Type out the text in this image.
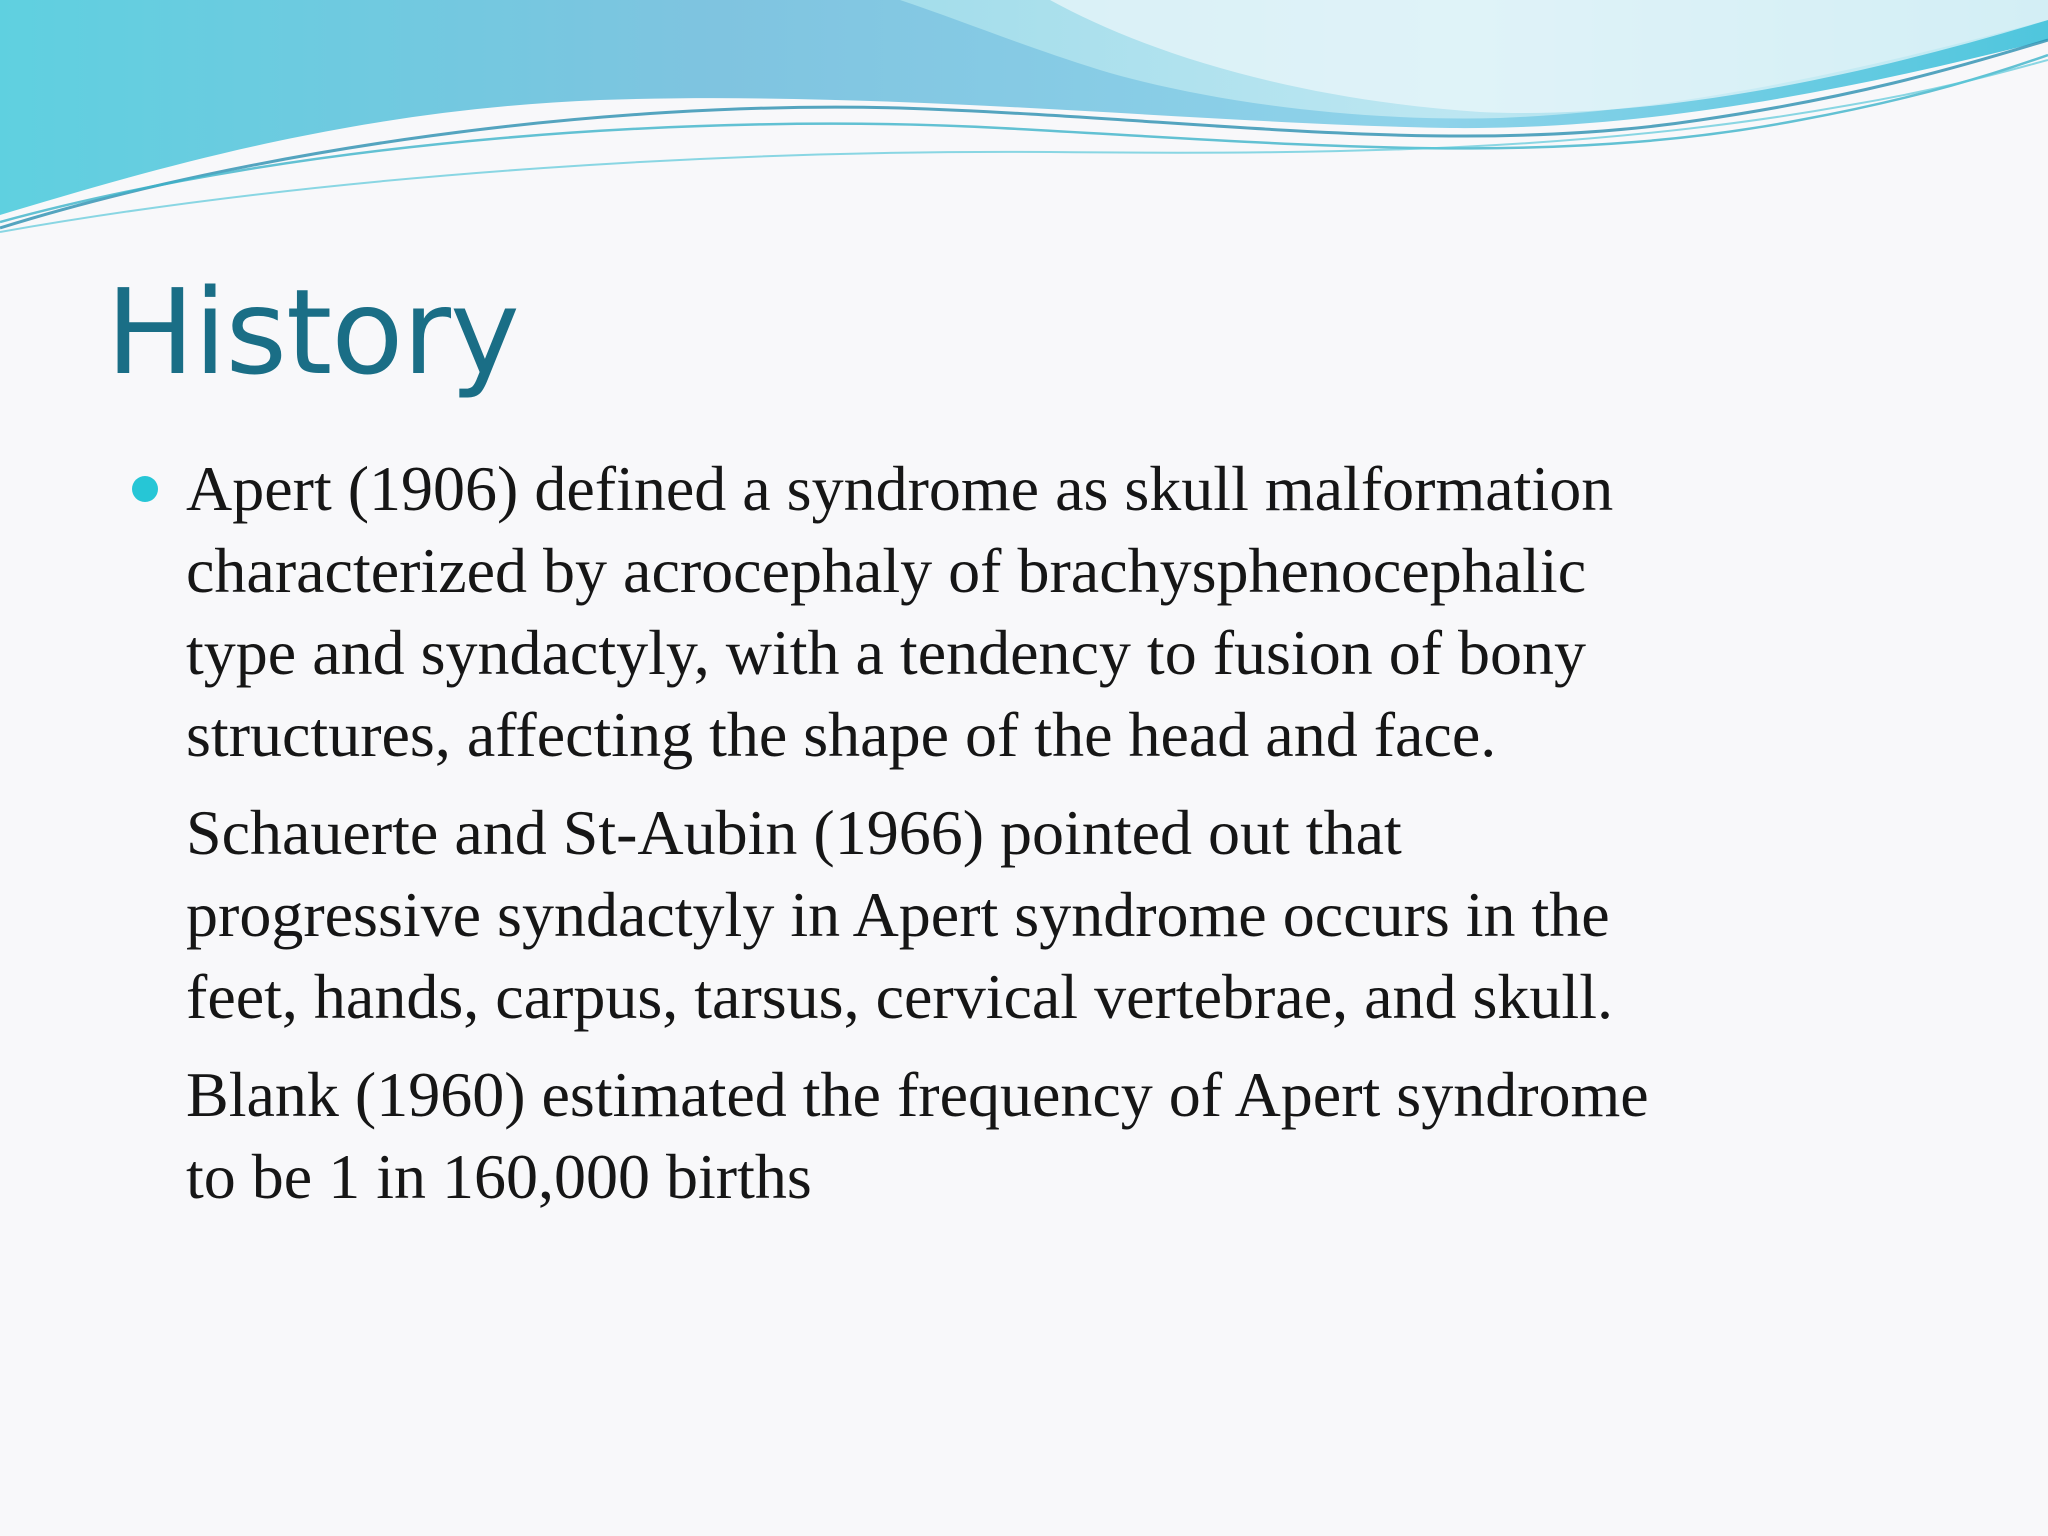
History

Apert (1906) defined a syndrome as skull malformation
characterized by acrocephaly of brachysphenocephalic
type and syndactyly, with a tendency to fusion of bony
structures, affecting the shape of the head and face.

Schauerte and St-Aubin (1966) pointed out that
progressive syndactyly in Apert syndrome occurs in the
feet, hands, carpus, tarsus, cervical vertebrae, and skull.

Blank (1960) estimated the frequency of Apert syndrome
to be 1 in 160,000 births
